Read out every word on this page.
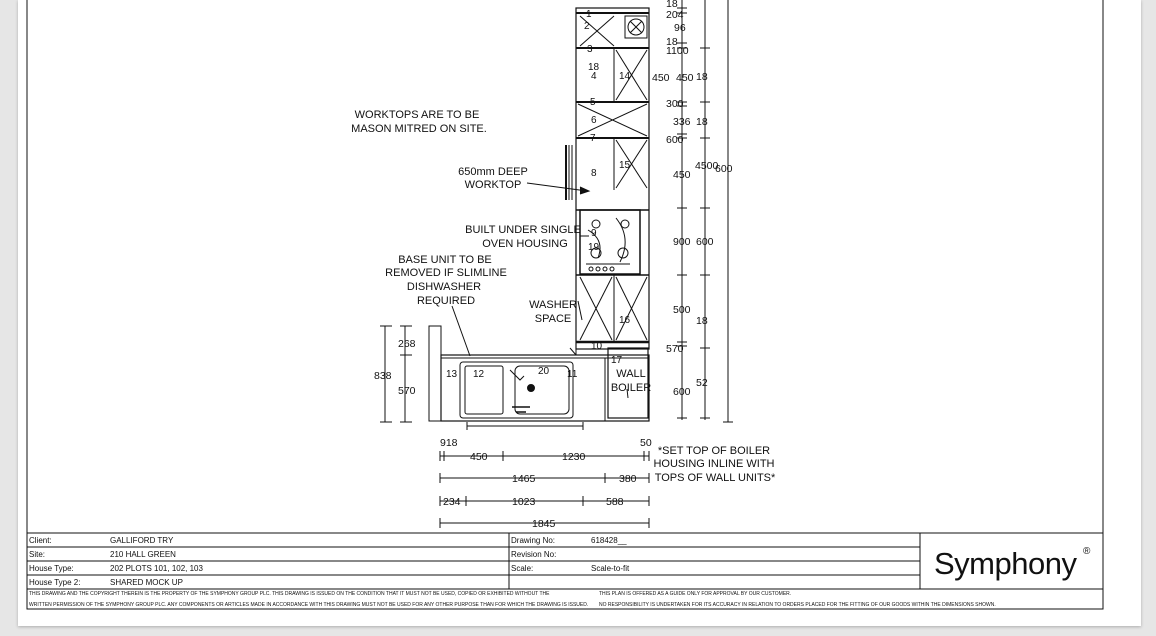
WORKTOPS ARE TO BE
MASON MITRED ON SITE.
650mm DEEP
WORKTOP
BUILT UNDER SINGLE
OVEN HOUSING
BASE UNIT TO BE
REMOVED IF SLIMLINE
DISHWASHER
REQUIRED	WASHER
SPACE
WALL
BOILER
*SET TOP OF BOILER
HOUSING INLINE WITH
TOPS OF WALL UNITS*
1
2
3
18
4 14
5
6
7
8
15
9
19
16
10
17
13 12	20 11
18
204
96
18
1100
450 450 18
300
336 18
600
450
4500
600
900 600
500
18
570
600
52
268
838
570
918	50
450	1230
1465	380
234	1023	588
1845
Client:	GALLIFORD TRY
Site:	210 HALL GREEN
House Type:	202 PLOTS 101, 102, 103
House Type 2:	SHARED MOCK UP
Drawing No:	618428__
Revision No:
Scale:	Scale-to-fit
THIS DRAWING AND THE COPYRIGHT THEREIN IS THE PROPERTY OF THE SYMPHONY GROUP PLC. THIS DRAWING IS ISSUED ON THE CONDITION THAT IT MUST NOT BE USED, COPIED OR EXHIBITED WITHOUT THE
WRITTEN PERMISSION OF THE SYMPHONY GROUP PLC. ANY COMPONENTS OR ARTICLES MADE IN ACCORDANCE WITH THIS DRAWING MUST NOT BE USED FOR ANY OTHER PURPOSE THAN FOR WHICH THE DRAWING IS ISSUED.
THIS PLAN IS OFFERED AS A GUIDE ONLY FOR APPROVAL BY OUR CUSTOMER.
NO RESPONSIBILITY IS UNDERTAKEN FOR ITS ACCURACY IN RELATION TO ORDERS PLACED FOR THE FITTING OF OUR GOODS WITHIN THE DIMENSIONS SHOWN.
Symphony ®
